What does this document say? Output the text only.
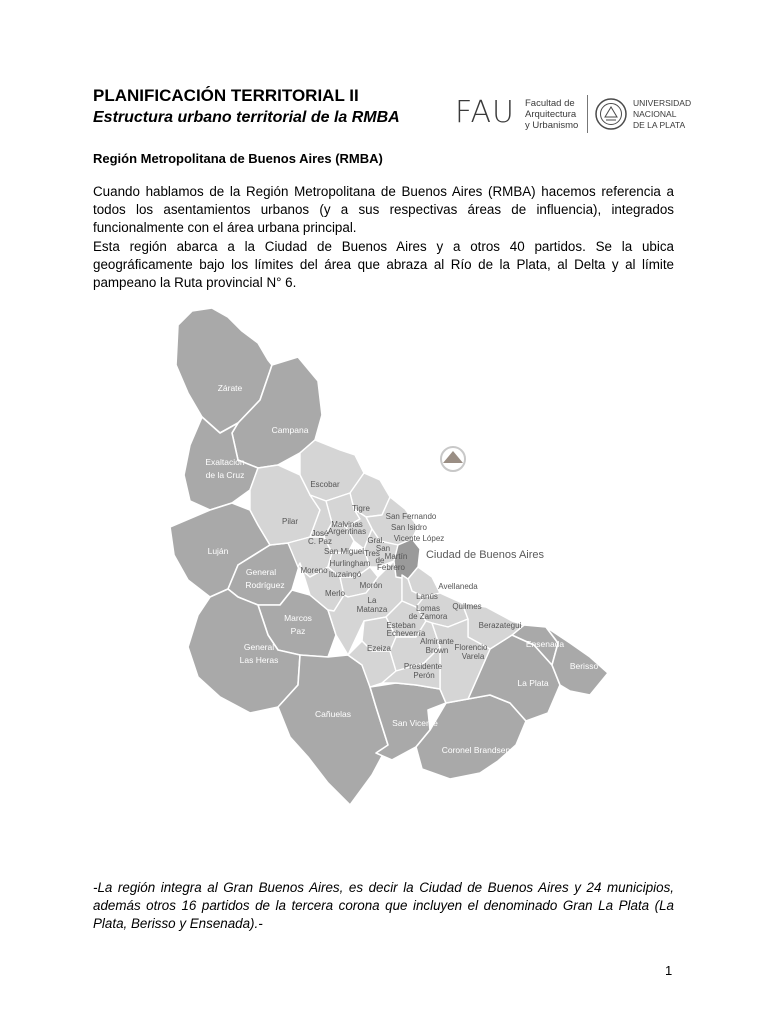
PLANIFICACIÓN TERRITORIAL II
Estructura urbano territorial de la RMBA FAU Facultad de
Arquitectura
y Urbanismo
UNIVERSIDAD
NACIONAL
DE LA PLATA
Región Metropolitana de Buenos Aires (RMBA)

Cuando hablamos de la Región Metropolitana de Buenos Aires (RMBA) hacemos referencia a todos los asentamientos urbanos (y a sus respectivas áreas de influencia), integrados funcionalmente con el área urbana principal.

Esta región abarca a la Ciudad de Buenos Aires y a otros 40 partidos. Se la ubica geográficamente bajo los límites del área que abraza al Río de la Plata, al Delta y al límite pampeano la Ruta provincial N° 6.

Zárate
Campana
Exaltación
de la Cruz
Escobar
Pilar
Luján
General
Rodríguez
Marcos
Paz
General
Las Heras
Cañuelas
San Vicente
Coronel Brandsen
La Plata
Berisso
Ensenada
Tigre
Malvinas
Argentinas
José
C. Paz
San Miguel
Hurlingham
Ituzaingó
Moreno
Merlo
Morón
La
Matanza
San Fernando
San Isidro
Vicente López
Gral.
San
Martín
Tres
de
Febrero
Ciudad de Buenos Aires
Avellaneda
Lanús
Lomas
de Zamora
Quilmes
Berazategui
Esteban
Echeverría
Ezeiza
Almirante
Brown Florencio
Varela
Presidente
Perón

-La región integra al Gran Buenos Aires, es decir la Ciudad de Buenos Aires y 24 municipios, además otros 16 partidos de la tercera corona que incluyen el denominado Gran La Plata (La Plata, Berisso y Ensenada).-

1
